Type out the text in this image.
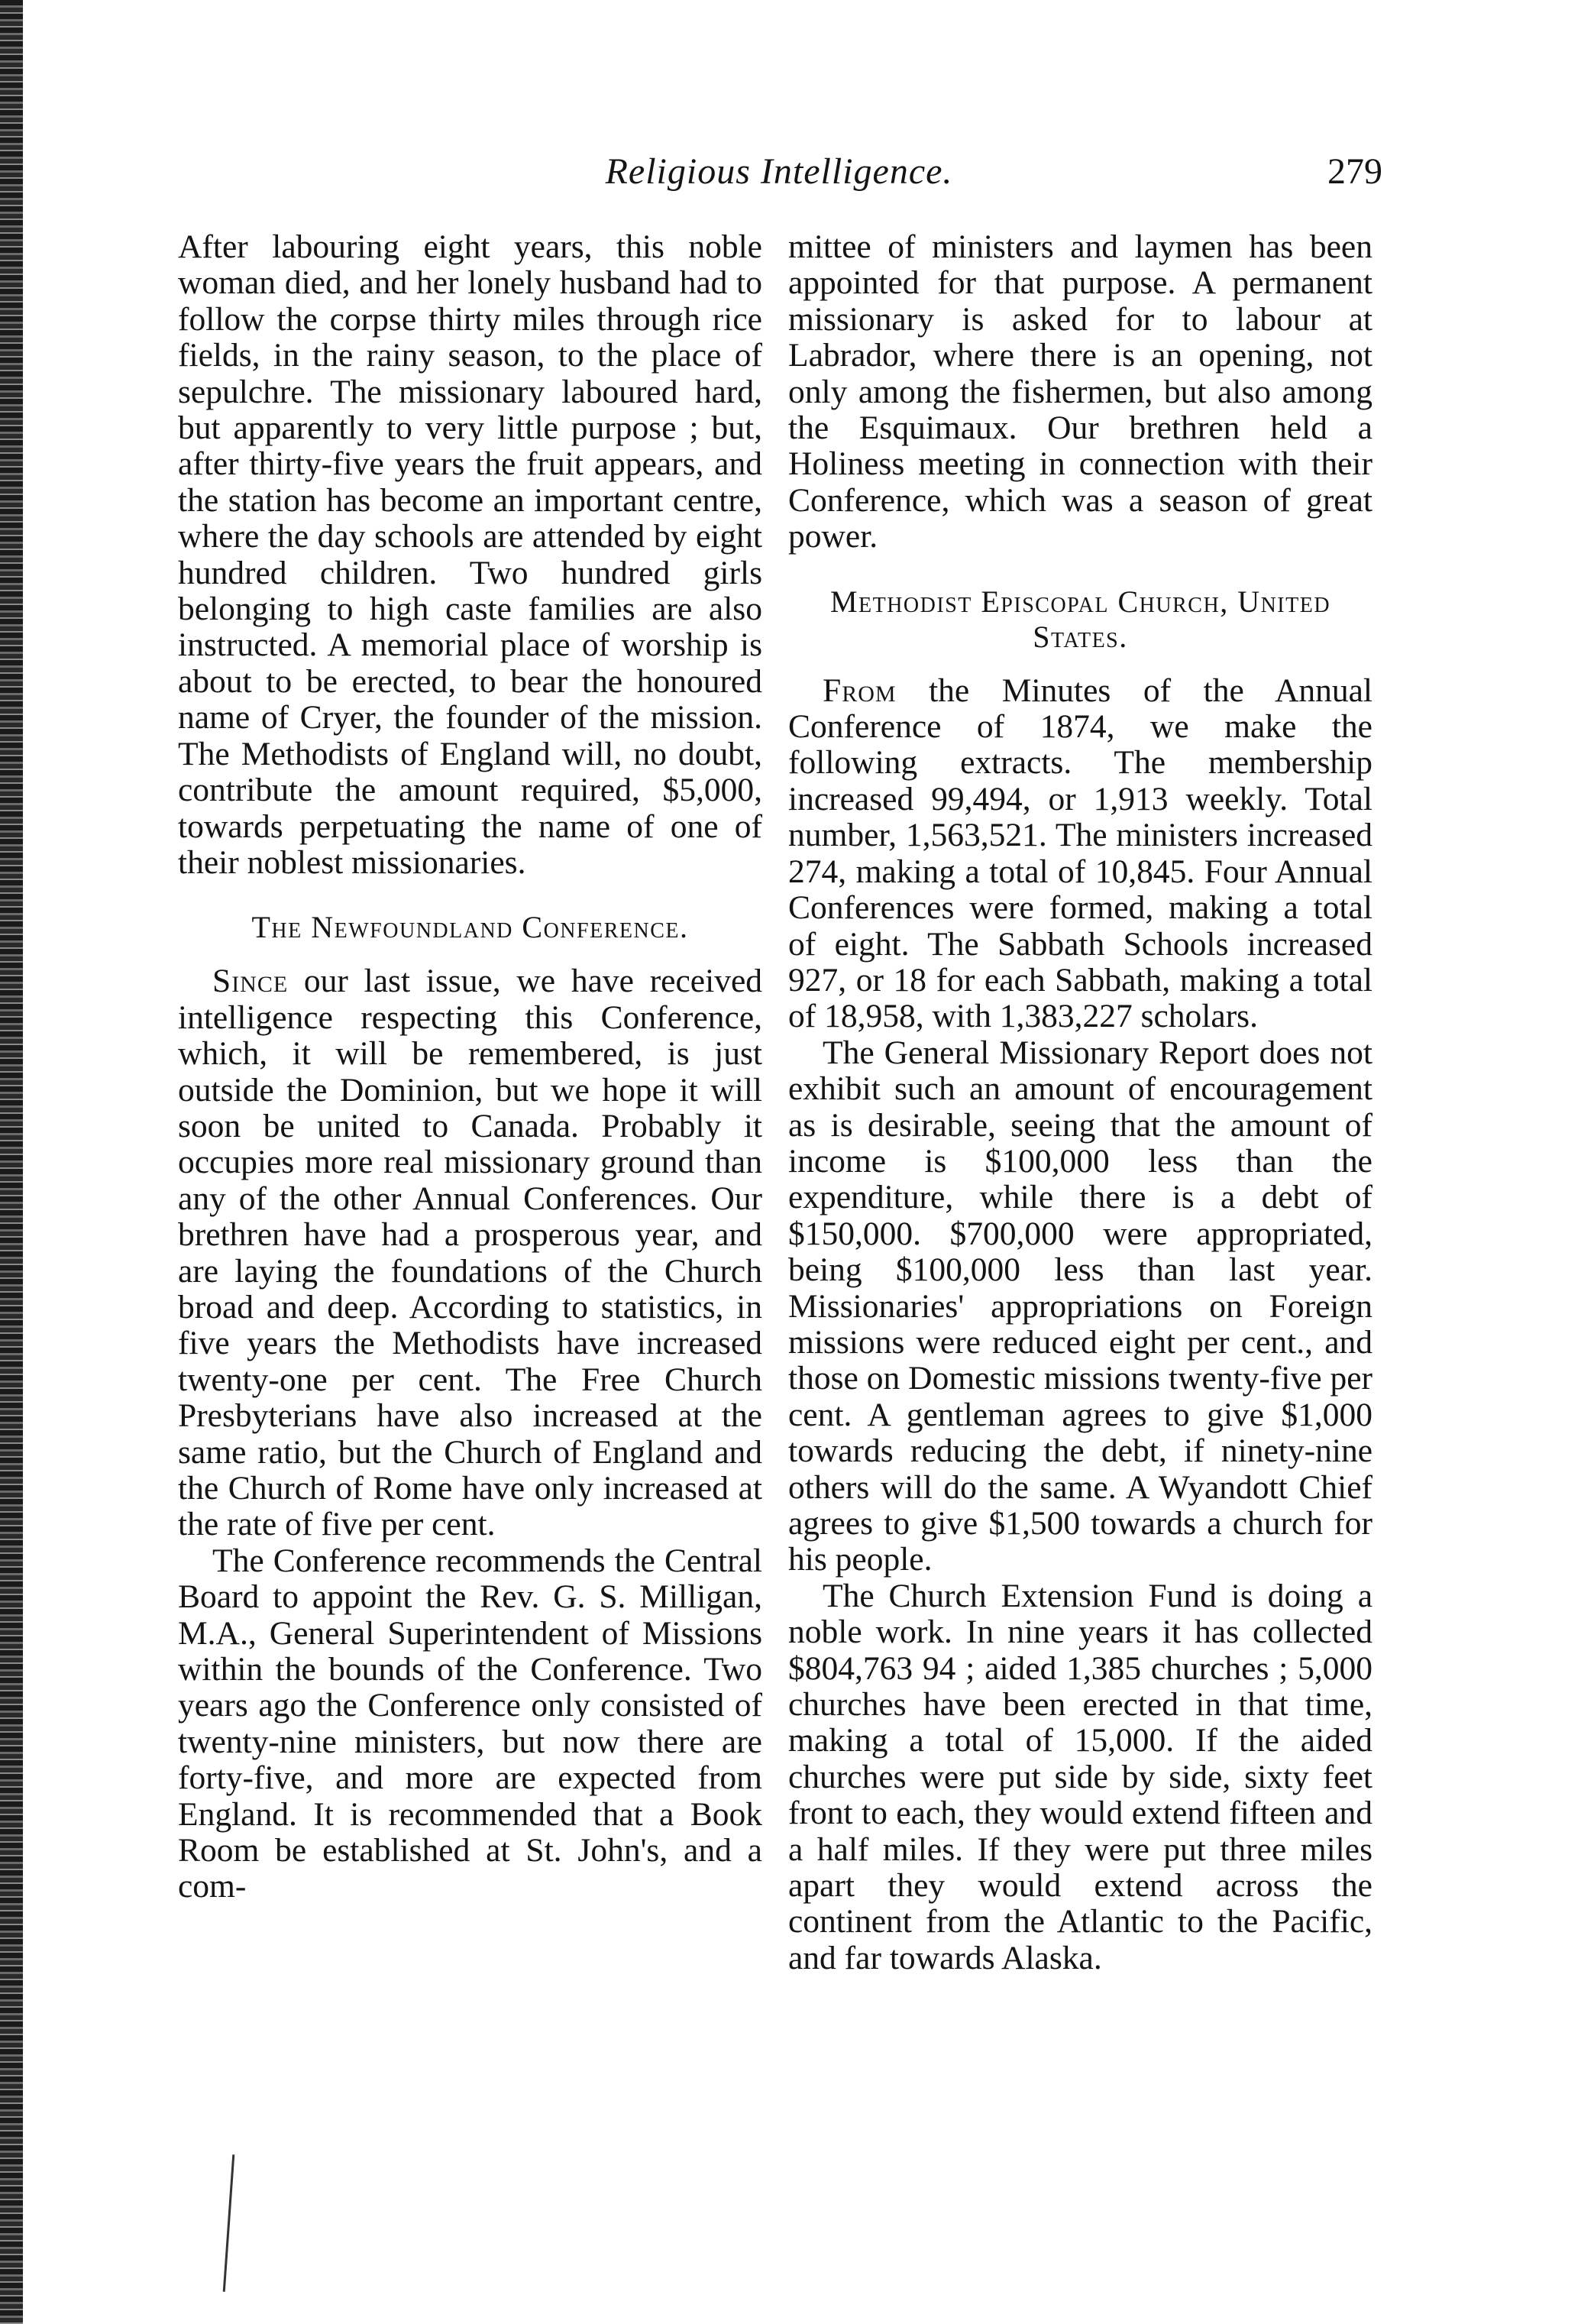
Religious Intelligence.	279

After labouring eight years, this noble woman died, and her lonely husband had to follow the corpse thirty miles through rice fields, in the rainy season, to the place of sepulchre. The missionary laboured hard, but apparently to very little purpose ; but, after thirty-five years the fruit appears, and the station has become an important centre, where the day schools are attended by eight hundred children. Two hundred girls belonging to high caste families are also instructed. A memorial place of worship is about to be erected, to bear the honoured name of Cryer, the founder of the mission. The Methodists of England will, no doubt, contribute the amount required, $5,000, towards perpetuating the name of one of their noblest missionaries.

The Newfoundland Conference.

Since our last issue, we have received intelligence respecting this Conference, which, it will be remembered, is just outside the Dominion, but we hope it will soon be united to Canada. Probably it occupies more real missionary ground than any of the other Annual Conferences. Our brethren have had a prosperous year, and are laying the foundations of the Church broad and deep. According to statistics, in five years the Methodists have increased twenty-one per cent. The Free Church Presbyterians have also increased at the same ratio, but the Church of England and the Church of Rome have only increased at the rate of five per cent.

The Conference recommends the Central Board to appoint the Rev. G. S. Milligan, M.A., General Superintendent of Missions within the bounds of the Conference. Two years ago the Conference only consisted of twenty-nine ministers, but now there are forty-five, and more are expected from England. It is recommended that a Book Room be established at St. John's, and a com-

mittee of ministers and laymen has been appointed for that purpose. A permanent missionary is asked for to labour at Labrador, where there is an opening, not only among the fishermen, but also among the Esquimaux. Our brethren held a Holiness meeting in connection with their Conference, which was a season of great power.

Methodist Episcopal Church, United States.

From the Minutes of the Annual Conference of 1874, we make the following extracts. The membership increased 99,494, or 1,913 weekly. Total number, 1,563,521. The ministers increased 274, making a total of 10,845. Four Annual Conferences were formed, making a total of eight. The Sabbath Schools increased 927, or 18 for each Sabbath, making a total of 18,958, with 1,383,227 scholars.

The General Missionary Report does not exhibit such an amount of encouragement as is desirable, seeing that the amount of income is $100,000 less than the expenditure, while there is a debt of $150,000. $700,000 were appropriated, being $100,000 less than last year. Missionaries' appropriations on Foreign missions were reduced eight per cent., and those on Domestic missions twenty-five per cent. A gentleman agrees to give $1,000 towards reducing the debt, if ninety-nine others will do the same. A Wyandott Chief agrees to give $1,500 towards a church for his people.

The Church Extension Fund is doing a noble work. In nine years it has collected $804,763 94 ; aided 1,385 churches ; 5,000 churches have been erected in that time, making a total of 15,000. If the aided churches were put side by side, sixty feet front to each, they would extend fifteen and a half miles. If they were put three miles apart they would extend across the continent from the Atlantic to the Pacific, and far towards Alaska.
